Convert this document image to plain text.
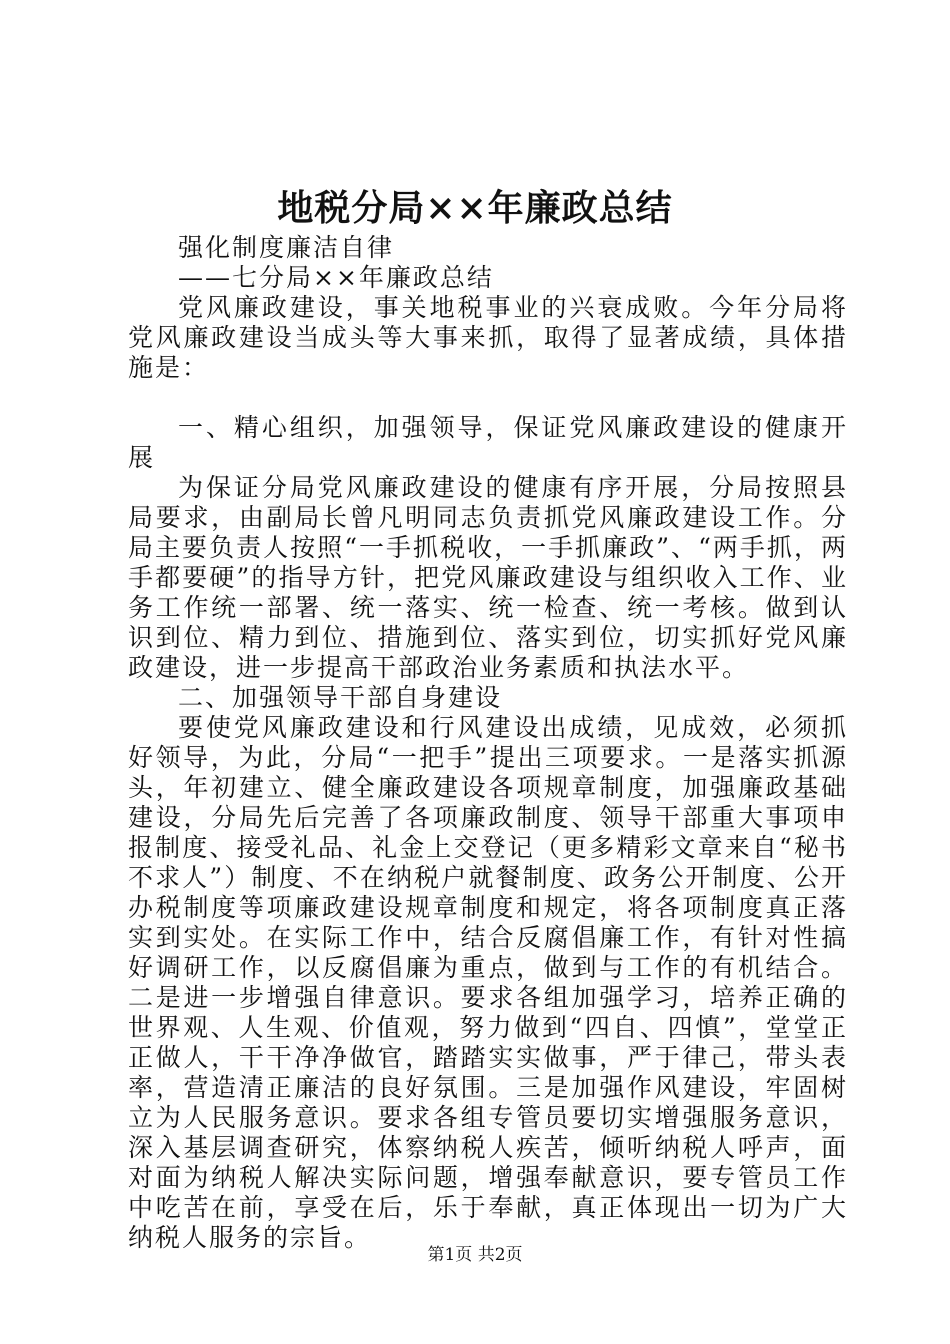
地税分局××年廉政总结

强化制度廉洁自律

——七分局××年廉政总结

党风廉政建设，事关地税事业的兴衰成败。今年分局将党风廉政建设当成头等大事来抓，取得了显著成绩，具体措施是：

一、精心组织，加强领导，保证党风廉政建设的健康开展

为保证分局党风廉政建设的健康有序开展，分局按照县局要求，由副局长曾凡明同志负责抓党风廉政建设工作。分局主要负责人按照“一手抓税收，一手抓廉政”、“两手抓，两手都要硬”的指导方针，把党风廉政建设与组织收入工作、业务工作统一部署、统一落实、统一检查、统一考核。做到认识到位、精力到位、措施到位、落实到位，切实抓好党风廉政建设，进一步提高干部政治业务素质和执法水平。

二、加强领导干部自身建设

要使党风廉政建设和行风建设出成绩，见成效，必须抓好领导，为此，分局“一把手”提出三项要求。一是落实抓源头，年初建立、健全廉政建设各项规章制度，加强廉政基础建设，分局先后完善了各项廉政制度、领导干部重大事项申报制度、接受礼品、礼金上交登记（更多精彩文章来自“秘书不求人”）制度、不在纳税户就餐制度、政务公开制度、公开办税制度等项廉政建设规章制度和规定，将各项制度真正落实到实处。在实际工作中，结合反腐倡廉工作，有针对性搞好调研工作，以反腐倡廉为重点，做到与工作的有机结合。二是进一步增强自律意识。要求各组加强学习，培养正确的世界观、人生观、价值观，努力做到“四自、四慎”，堂堂正正做人，干干净净做官，踏踏实实做事，严于律己，带头表率，营造清正廉洁的良好氛围。三是加强作风建设，牢固树立为人民服务意识。要求各组专管员要切实增强服务意识，深入基层调查研究，体察纳税人疾苦，倾听纳税人呼声，面对面为纳税人解决实际问题，增强奉献意识，要专管员工作中吃苦在前，享受在后，乐于奉献，真正体现出一切为广大纳税人服务的宗旨。

第1页 共2页
